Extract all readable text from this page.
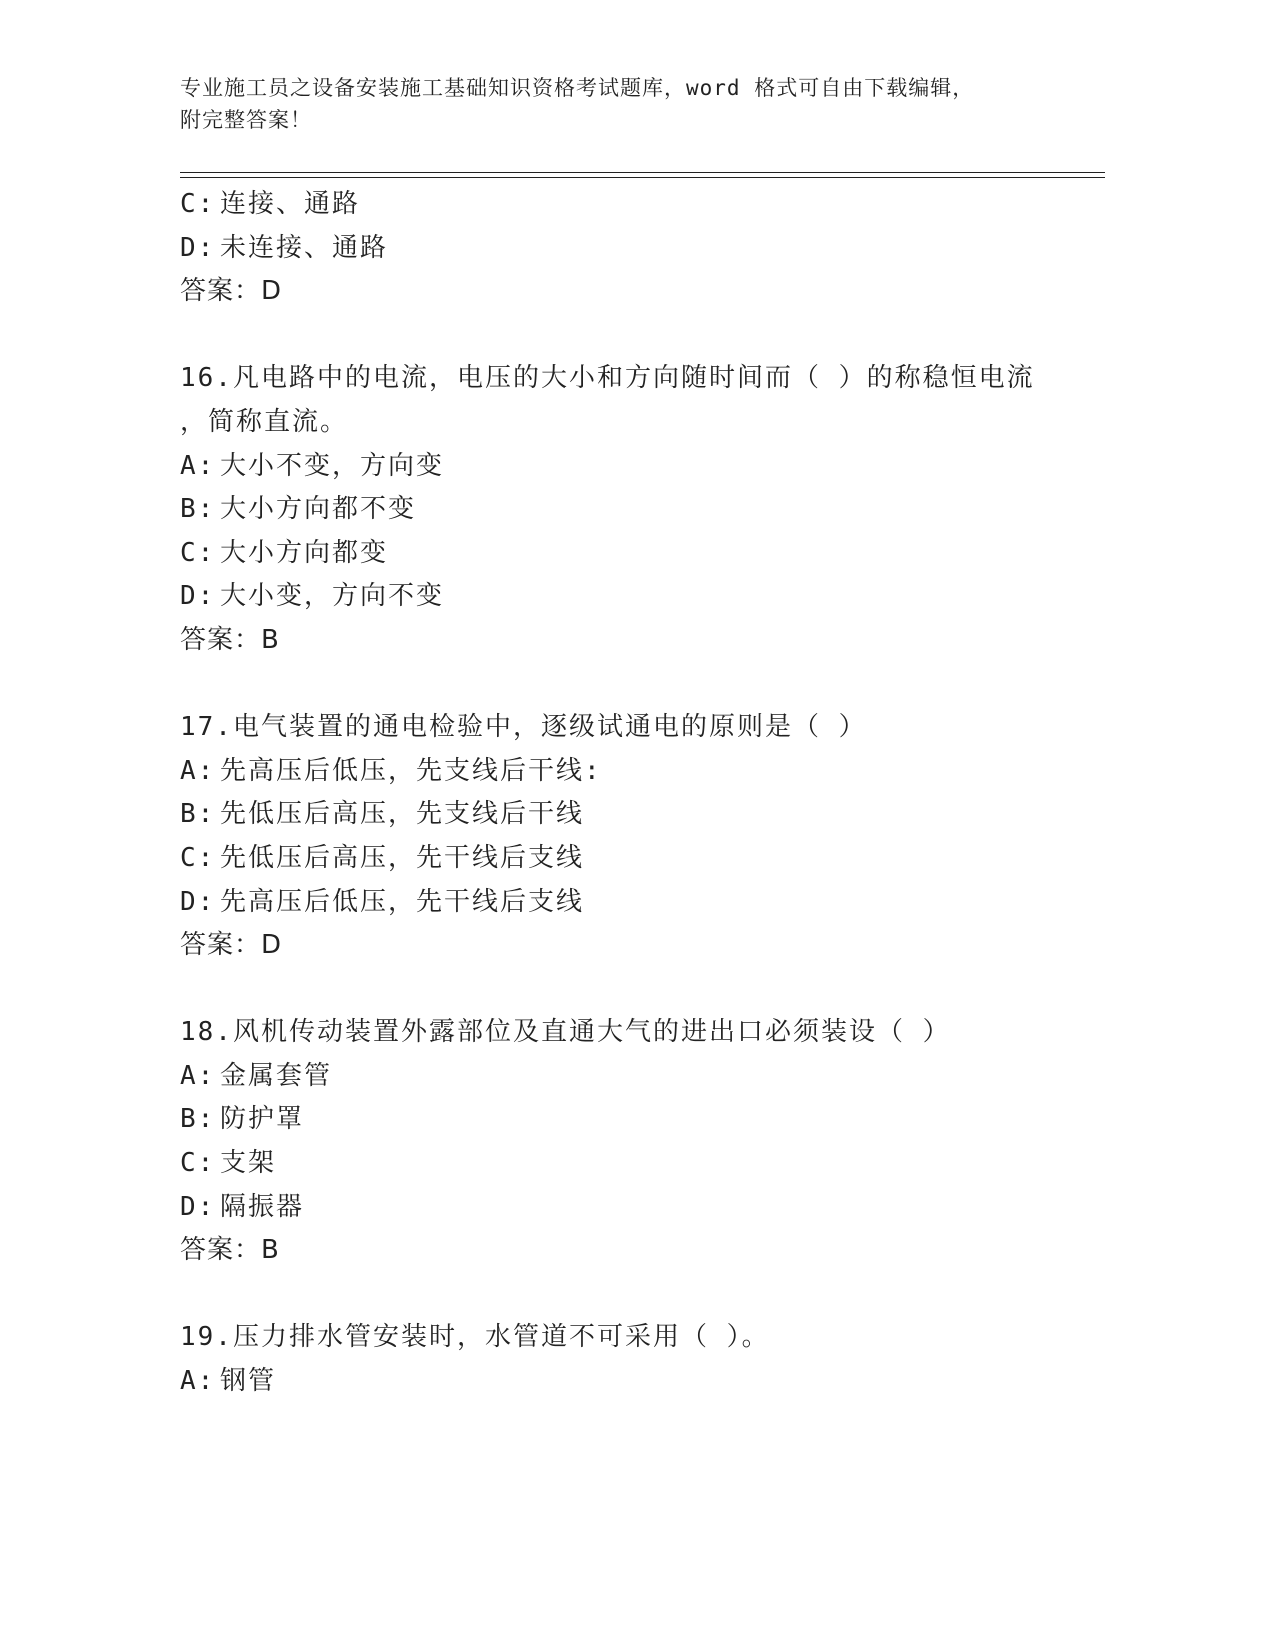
专业施工员之设备安装施工基础知识资格考试题库，word 格式可自由下载编辑，
附完整答案！
C: 连接、通路
D: 未连接、通路
答案：D
16.凡电路中的电流，电压的大小和方向随时间而（ ）的称稳恒电流
，简称直流。
A: 大小不变，方向变
B: 大小方向都不变
C: 大小方向都变
D: 大小变，方向不变
答案：B
17.电气装置的通电检验中，逐级试通电的原则是（ ）
A: 先高压后低压，先支线后干线:
B: 先低压后高压，先支线后干线
C: 先低压后高压，先干线后支线
D: 先高压后低压，先干线后支线
答案：D
18.风机传动装置外露部位及直通大气的进出口必须装设（ ）
A: 金属套管
B: 防护罩
C: 支架
D: 隔振器
答案：B
19.压力排水管安装时，水管道不可采用（ ）。
A: 钢管
